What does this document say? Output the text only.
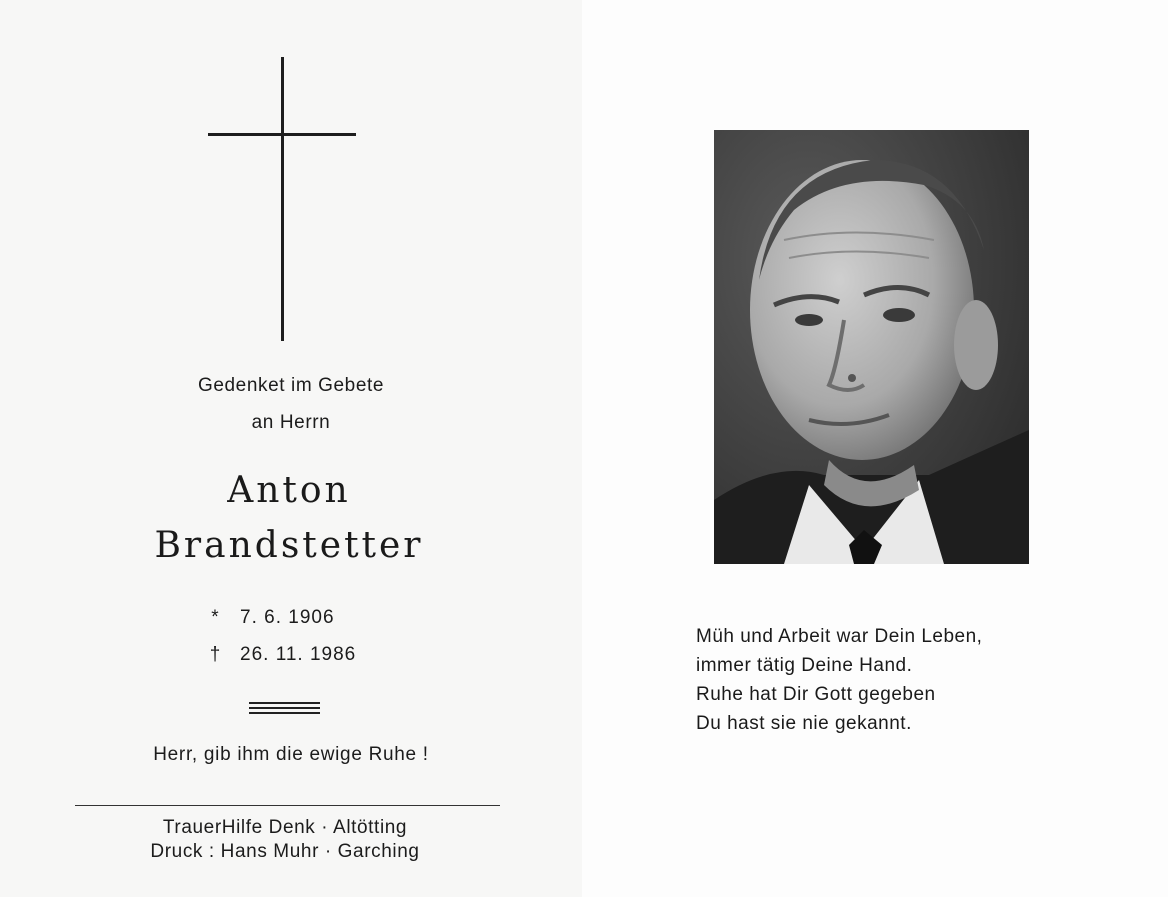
Gedenket im Gebete
an Herrn
Anton
Brandstetter
* 7. 6. 1906
† 26. 11. 1986
Herr, gib ihm die ewige Ruhe !
TrauerHilfe Denk · Altötting
Druck : Hans Muhr · Garching
Müh und Arbeit war Dein Leben,
immer tätig Deine Hand.
Ruhe hat Dir Gott gegeben
Du hast sie nie gekannt.
